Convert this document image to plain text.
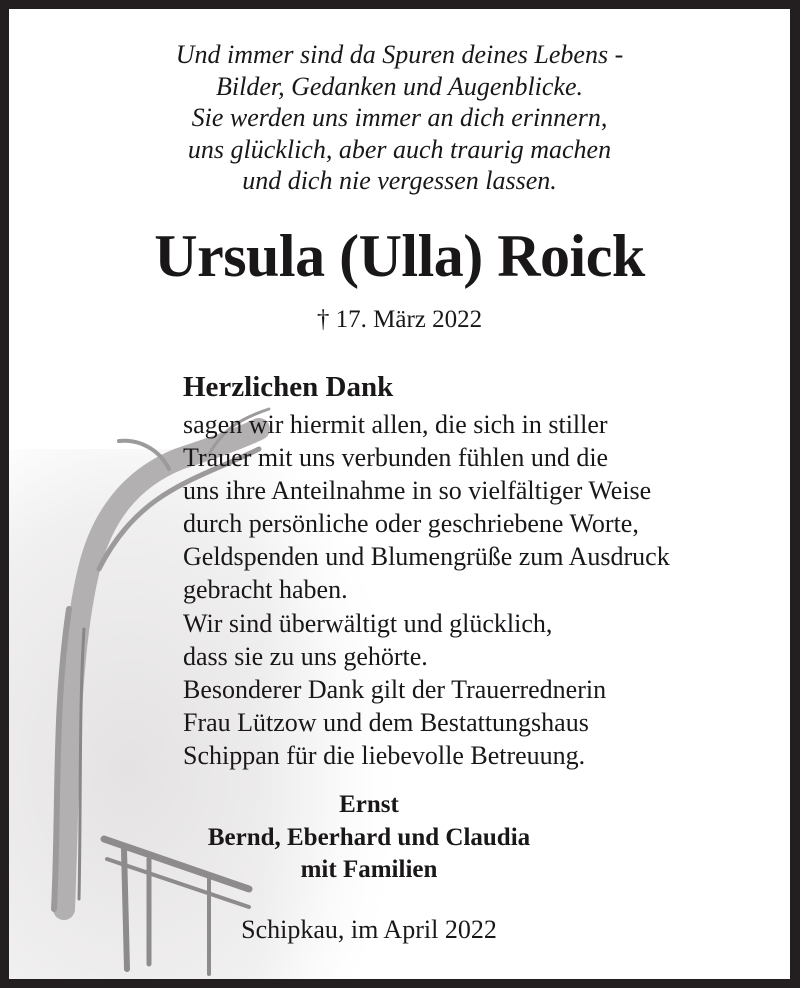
Und immer sind da Spuren deines Lebens -
Bilder, Gedanken und Augenblicke.
Sie werden uns immer an dich erinnern,
uns glücklich, aber auch traurig machen
und dich nie vergessen lassen.
Ursula (Ulla) Roick
† 17. März 2022
Herzlichen Dank
sagen wir hiermit allen, die sich in stiller
Trauer mit uns verbunden fühlen und die
uns ihre Anteilnahme in so vielfältiger Weise
durch persönliche oder geschriebene Worte,
Geldspenden und Blumengrüße zum Ausdruck
gebracht haben.
Wir sind überwältigt und glücklich,
dass sie zu uns gehörte.
Besonderer Dank gilt der Trauerrednerin
Frau Lützow und dem Bestattungshaus
Schippan für die liebevolle Betreuung.
Ernst
Bernd, Eberhard und Claudia
mit Familien
Schipkau, im April 2022
